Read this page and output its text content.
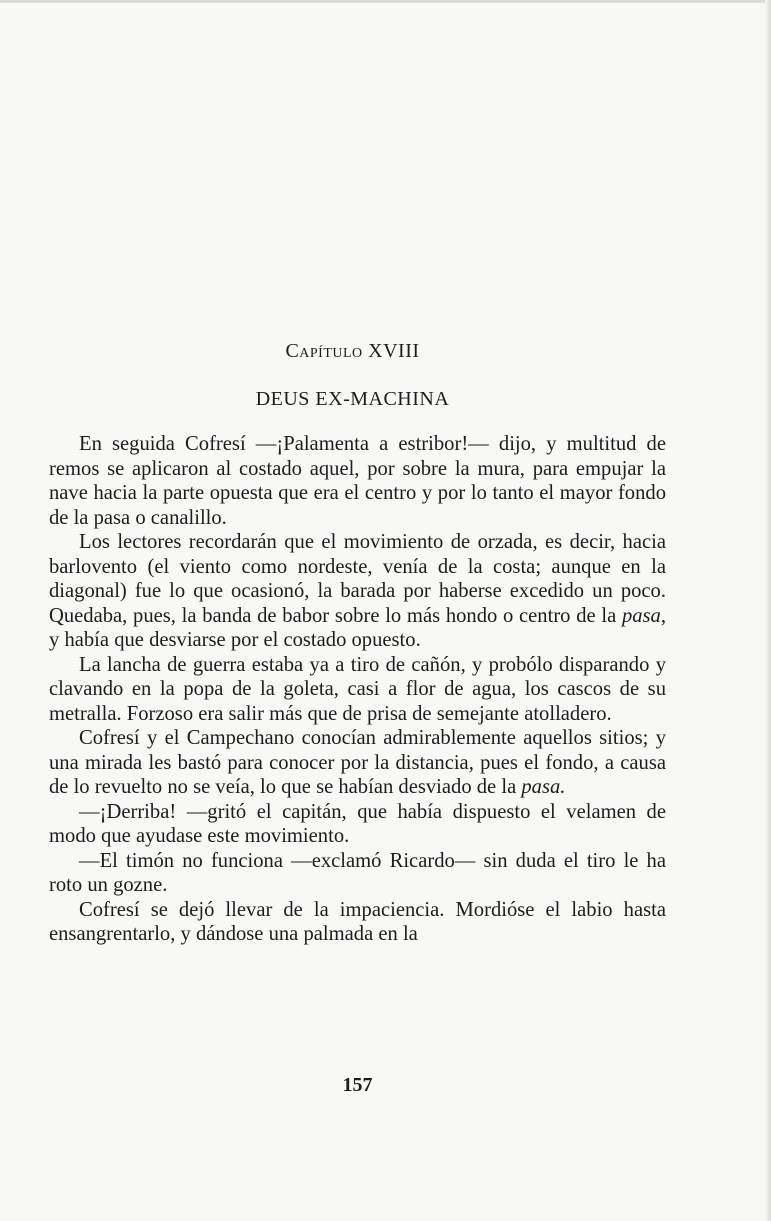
Capítulo XVIII
DEUS EX-MACHINA

En seguida Cofresí —¡Palamenta a estribor!— dijo, y multitud de remos se aplicaron al costado aquel, por sobre la mura, para empujar la nave hacia la parte opuesta que era el centro y por lo tanto el mayor fondo de la pasa o canalillo.

Los lectores recordarán que el movimiento de orzada, es decir, hacia barlovento (el viento como nordeste, venía de la costa; aunque en la diagonal) fue lo que ocasionó, la barada por haberse excedido un poco. Quedaba, pues, la banda de babor sobre lo más hondo o centro de la pasa, y había que desviarse por el costado opuesto.

La lancha de guerra estaba ya a tiro de cañón, y probólo disparando y clavando en la popa de la goleta, casi a flor de agua, los cascos de su metralla. Forzoso era salir más que de prisa de semejante atolladero.

Cofresí y el Campechano conocían admirablemente aquellos sitios; y una mirada les bastó para conocer por la distancia, pues el fondo, a causa de lo revuelto no se veía, lo que se habían desviado de la pasa.

—¡Derriba! —gritó el capitán, que había dispuesto el velamen de modo que ayudase este movimiento.

—El timón no funciona —exclamó Ricardo— sin duda el tiro le ha roto un gozne.

Cofresí se dejó llevar de la impaciencia. Mordióse el labio hasta ensangrentarlo, y dándose una palmada en la

157
